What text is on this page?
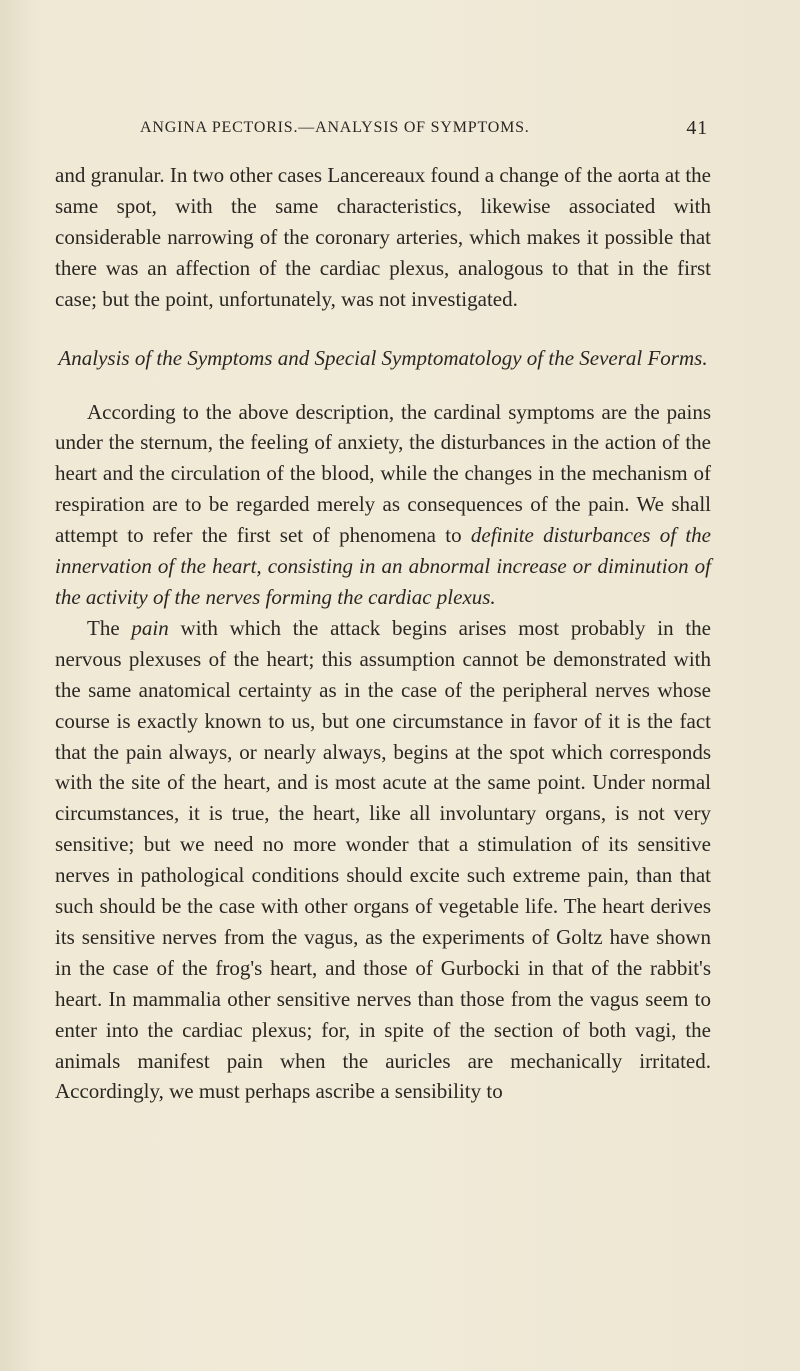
ANGINA PECTORIS.—ANALYSIS OF SYMPTOMS.	41

and granular. In two other cases Lancereaux found a change of the aorta at the same spot, with the same characteristics, likewise associated with considerable narrowing of the coronary arteries, which makes it possible that there was an affection of the cardiac plexus, analogous to that in the first case; but the point, unfortunately, was not investigated.

Analysis of the Symptoms and Special Symptomatology of the Several Forms.

According to the above description, the cardinal symptoms are the pains under the sternum, the feeling of anxiety, the disturbances in the action of the heart and the circulation of the blood, while the changes in the mechanism of respiration are to be regarded merely as consequences of the pain. We shall attempt to refer the first set of phenomena to definite disturbances of the innervation of the heart, consisting in an abnormal increase or diminution of the activity of the nerves forming the cardiac plexus.

The pain with which the attack begins arises most probably in the nervous plexuses of the heart; this assumption cannot be demonstrated with the same anatomical certainty as in the case of the peripheral nerves whose course is exactly known to us, but one circumstance in favor of it is the fact that the pain always, or nearly always, begins at the spot which corresponds with the site of the heart, and is most acute at the same point. Under normal circumstances, it is true, the heart, like all involuntary organs, is not very sensitive; but we need no more wonder that a stimulation of its sensitive nerves in pathological conditions should excite such extreme pain, than that such should be the case with other organs of vegetable life. The heart derives its sensitive nerves from the vagus, as the experiments of Goltz have shown in the case of the frog's heart, and those of Gurbocki in that of the rabbit's heart. In mammalia other sensitive nerves than those from the vagus seem to enter into the cardiac plexus; for, in spite of the section of both vagi, the animals manifest pain when the auricles are mechanically irritated. Accordingly, we must perhaps ascribe a sensibility to
